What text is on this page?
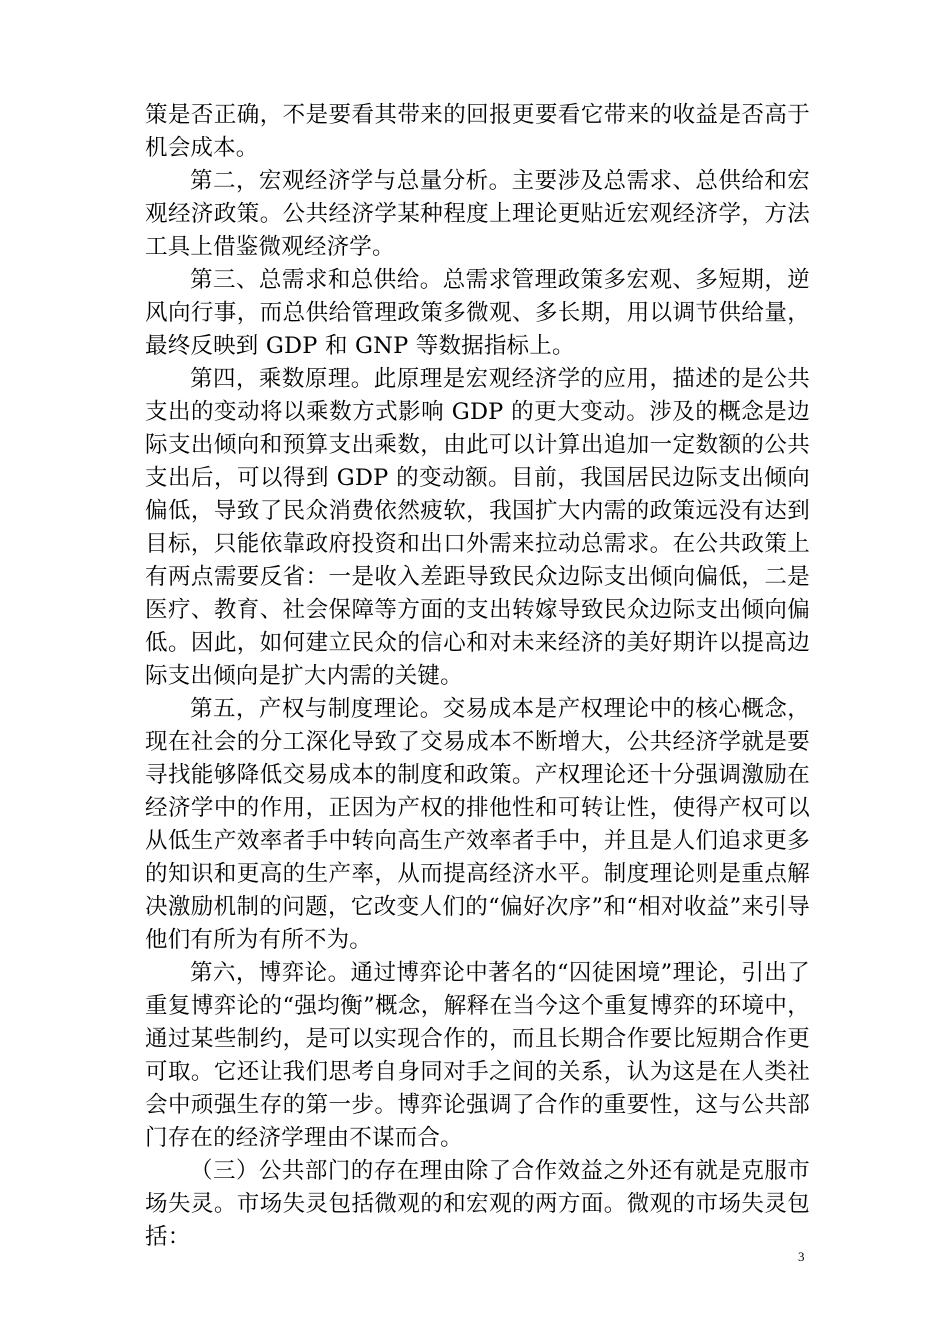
策是否正确，不是要看其带来的回报更要看它带来的收益是否高于机会成本。

第二，宏观经济学与总量分析。主要涉及总需求、总供给和宏观经济政策。公共经济学某种程度上理论更贴近宏观经济学，方法工具上借鉴微观经济学。

第三、总需求和总供给。总需求管理政策多宏观、多短期，逆风向行事，而总供给管理政策多微观、多长期，用以调节供给量，最终反映到 GDP 和 GNP 等数据指标上。

第四，乘数原理。此原理是宏观经济学的应用，描述的是公共支出的变动将以乘数方式影响 GDP 的更大变动。涉及的概念是边际支出倾向和预算支出乘数，由此可以计算出追加一定数额的公共支出后，可以得到 GDP 的变动额。目前，我国居民边际支出倾向偏低，导致了民众消费依然疲软，我国扩大内需的政策远没有达到目标，只能依靠政府投资和出口外需来拉动总需求。在公共政策上有两点需要反省：一是收入差距导致民众边际支出倾向偏低，二是医疗、教育、社会保障等方面的支出转嫁导致民众边际支出倾向偏低。因此，如何建立民众的信心和对未来经济的美好期许以提高边际支出倾向是扩大内需的关键。

第五，产权与制度理论。交易成本是产权理论中的核心概念，现在社会的分工深化导致了交易成本不断增大，公共经济学就是要寻找能够降低交易成本的制度和政策。产权理论还十分强调激励在经济学中的作用，正因为产权的排他性和可转让性，使得产权可以从低生产效率者手中转向高生产效率者手中，并且是人们追求更多的知识和更高的生产率，从而提高经济水平。制度理论则是重点解决激励机制的问题，它改变人们的“偏好次序”和“相对收益”来引导他们有所为有所不为。

第六，博弈论。通过博弈论中著名的“囚徒困境”理论，引出了重复博弈论的“强均衡”概念，解释在当今这个重复博弈的环境中，通过某些制约，是可以实现合作的，而且长期合作要比短期合作更可取。它还让我们思考自身同对手之间的关系，认为这是在人类社会中顽强生存的第一步。博弈论强调了合作的重要性，这与公共部门存在的经济学理由不谋而合。

（三）公共部门的存在理由除了合作效益之外还有就是克服市场失灵。市场失灵包括微观的和宏观的两方面。微观的市场失灵包括：

3
